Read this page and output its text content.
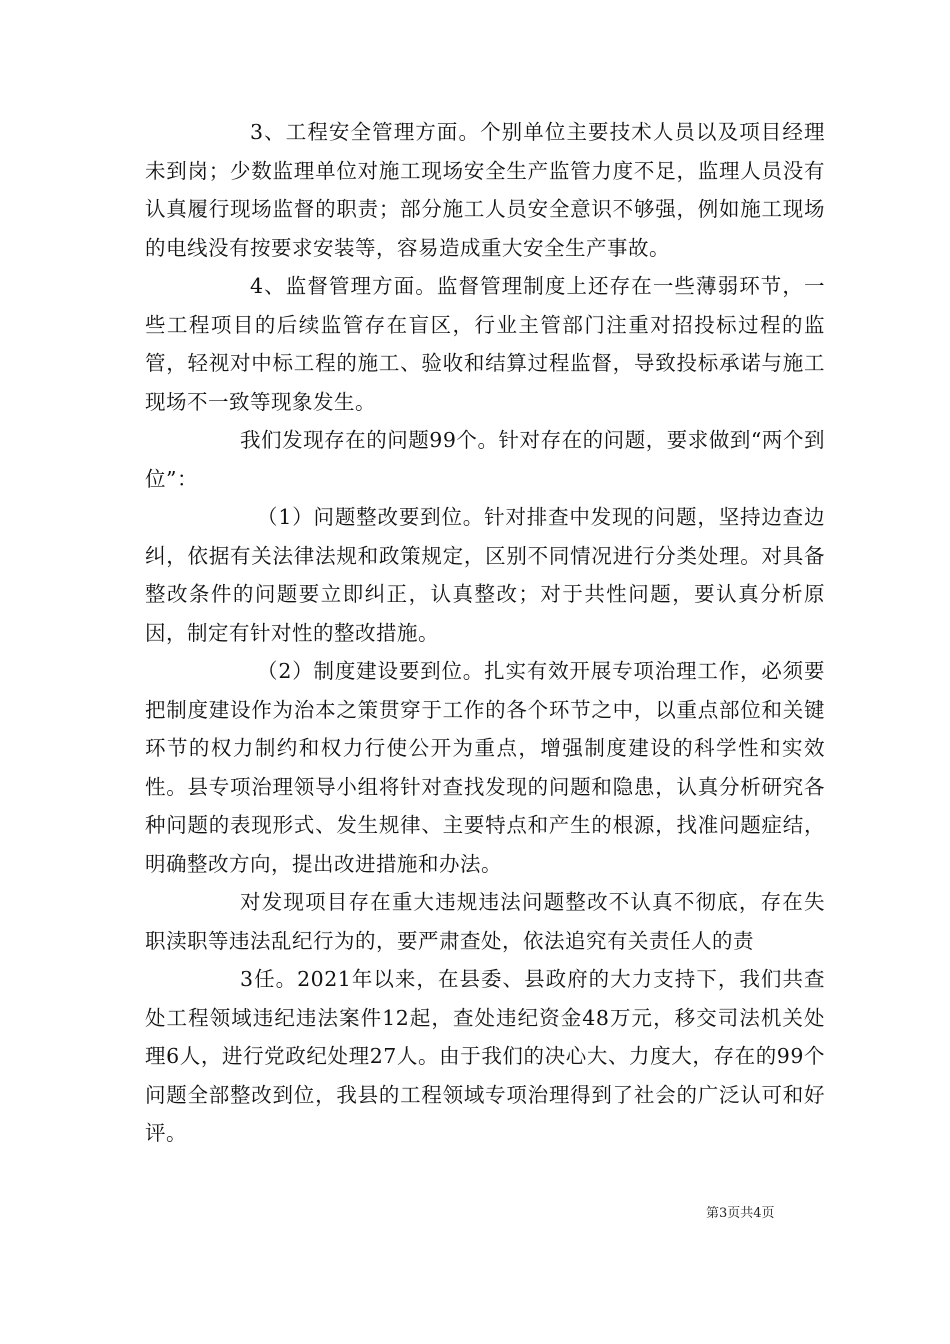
3、工程安全管理方面。个别单位主要技术人员以及项目经理未到岗；少数监理单位对施工现场安全生产监管力度不足，监理人员没有认真履行现场监督的职责；部分施工人员安全意识不够强，例如施工现场的电线没有按要求安装等，容易造成重大安全生产事故。

4、监督管理方面。监督管理制度上还存在一些薄弱环节，一些工程项目的后续监管存在盲区，行业主管部门注重对招投标过程的监管，轻视对中标工程的施工、验收和结算过程监督，导致投标承诺与施工现场不一致等现象发生。

我们发现存在的问题99个。针对存在的问题，要求做到“两个到位”：

（1）问题整改要到位。针对排查中发现的问题，坚持边查边纠，依据有关法律法规和政策规定，区别不同情况进行分类处理。对具备整改条件的问题要立即纠正，认真整改；对于共性问题，要认真分析原因，制定有针对性的整改措施。

（2）制度建设要到位。扎实有效开展专项治理工作，必须要把制度建设作为治本之策贯穿于工作的各个环节之中，以重点部位和关键环节的权力制约和权力行使公开为重点，增强制度建设的科学性和实效性。县专项治理领导小组将针对查找发现的问题和隐患，认真分析研究各种问题的表现形式、发生规律、主要特点和产生的根源，找准问题症结，明确整改方向，提出改进措施和办法。

对发现项目存在重大违规违法问题整改不认真不彻底，存在失职渎职等违法乱纪行为的，要严肃查处，依法追究有关责任人的责

3任。2021年以来，在县委、县政府的大力支持下，我们共查处工程领域违纪违法案件12起，查处违纪资金48万元，移交司法机关处理6人，进行党政纪处理27人。由于我们的决心大、力度大，存在的99个问题全部整改到位，我县的工程领域专项治理得到了社会的广泛认可和好评。

第3页共4页
